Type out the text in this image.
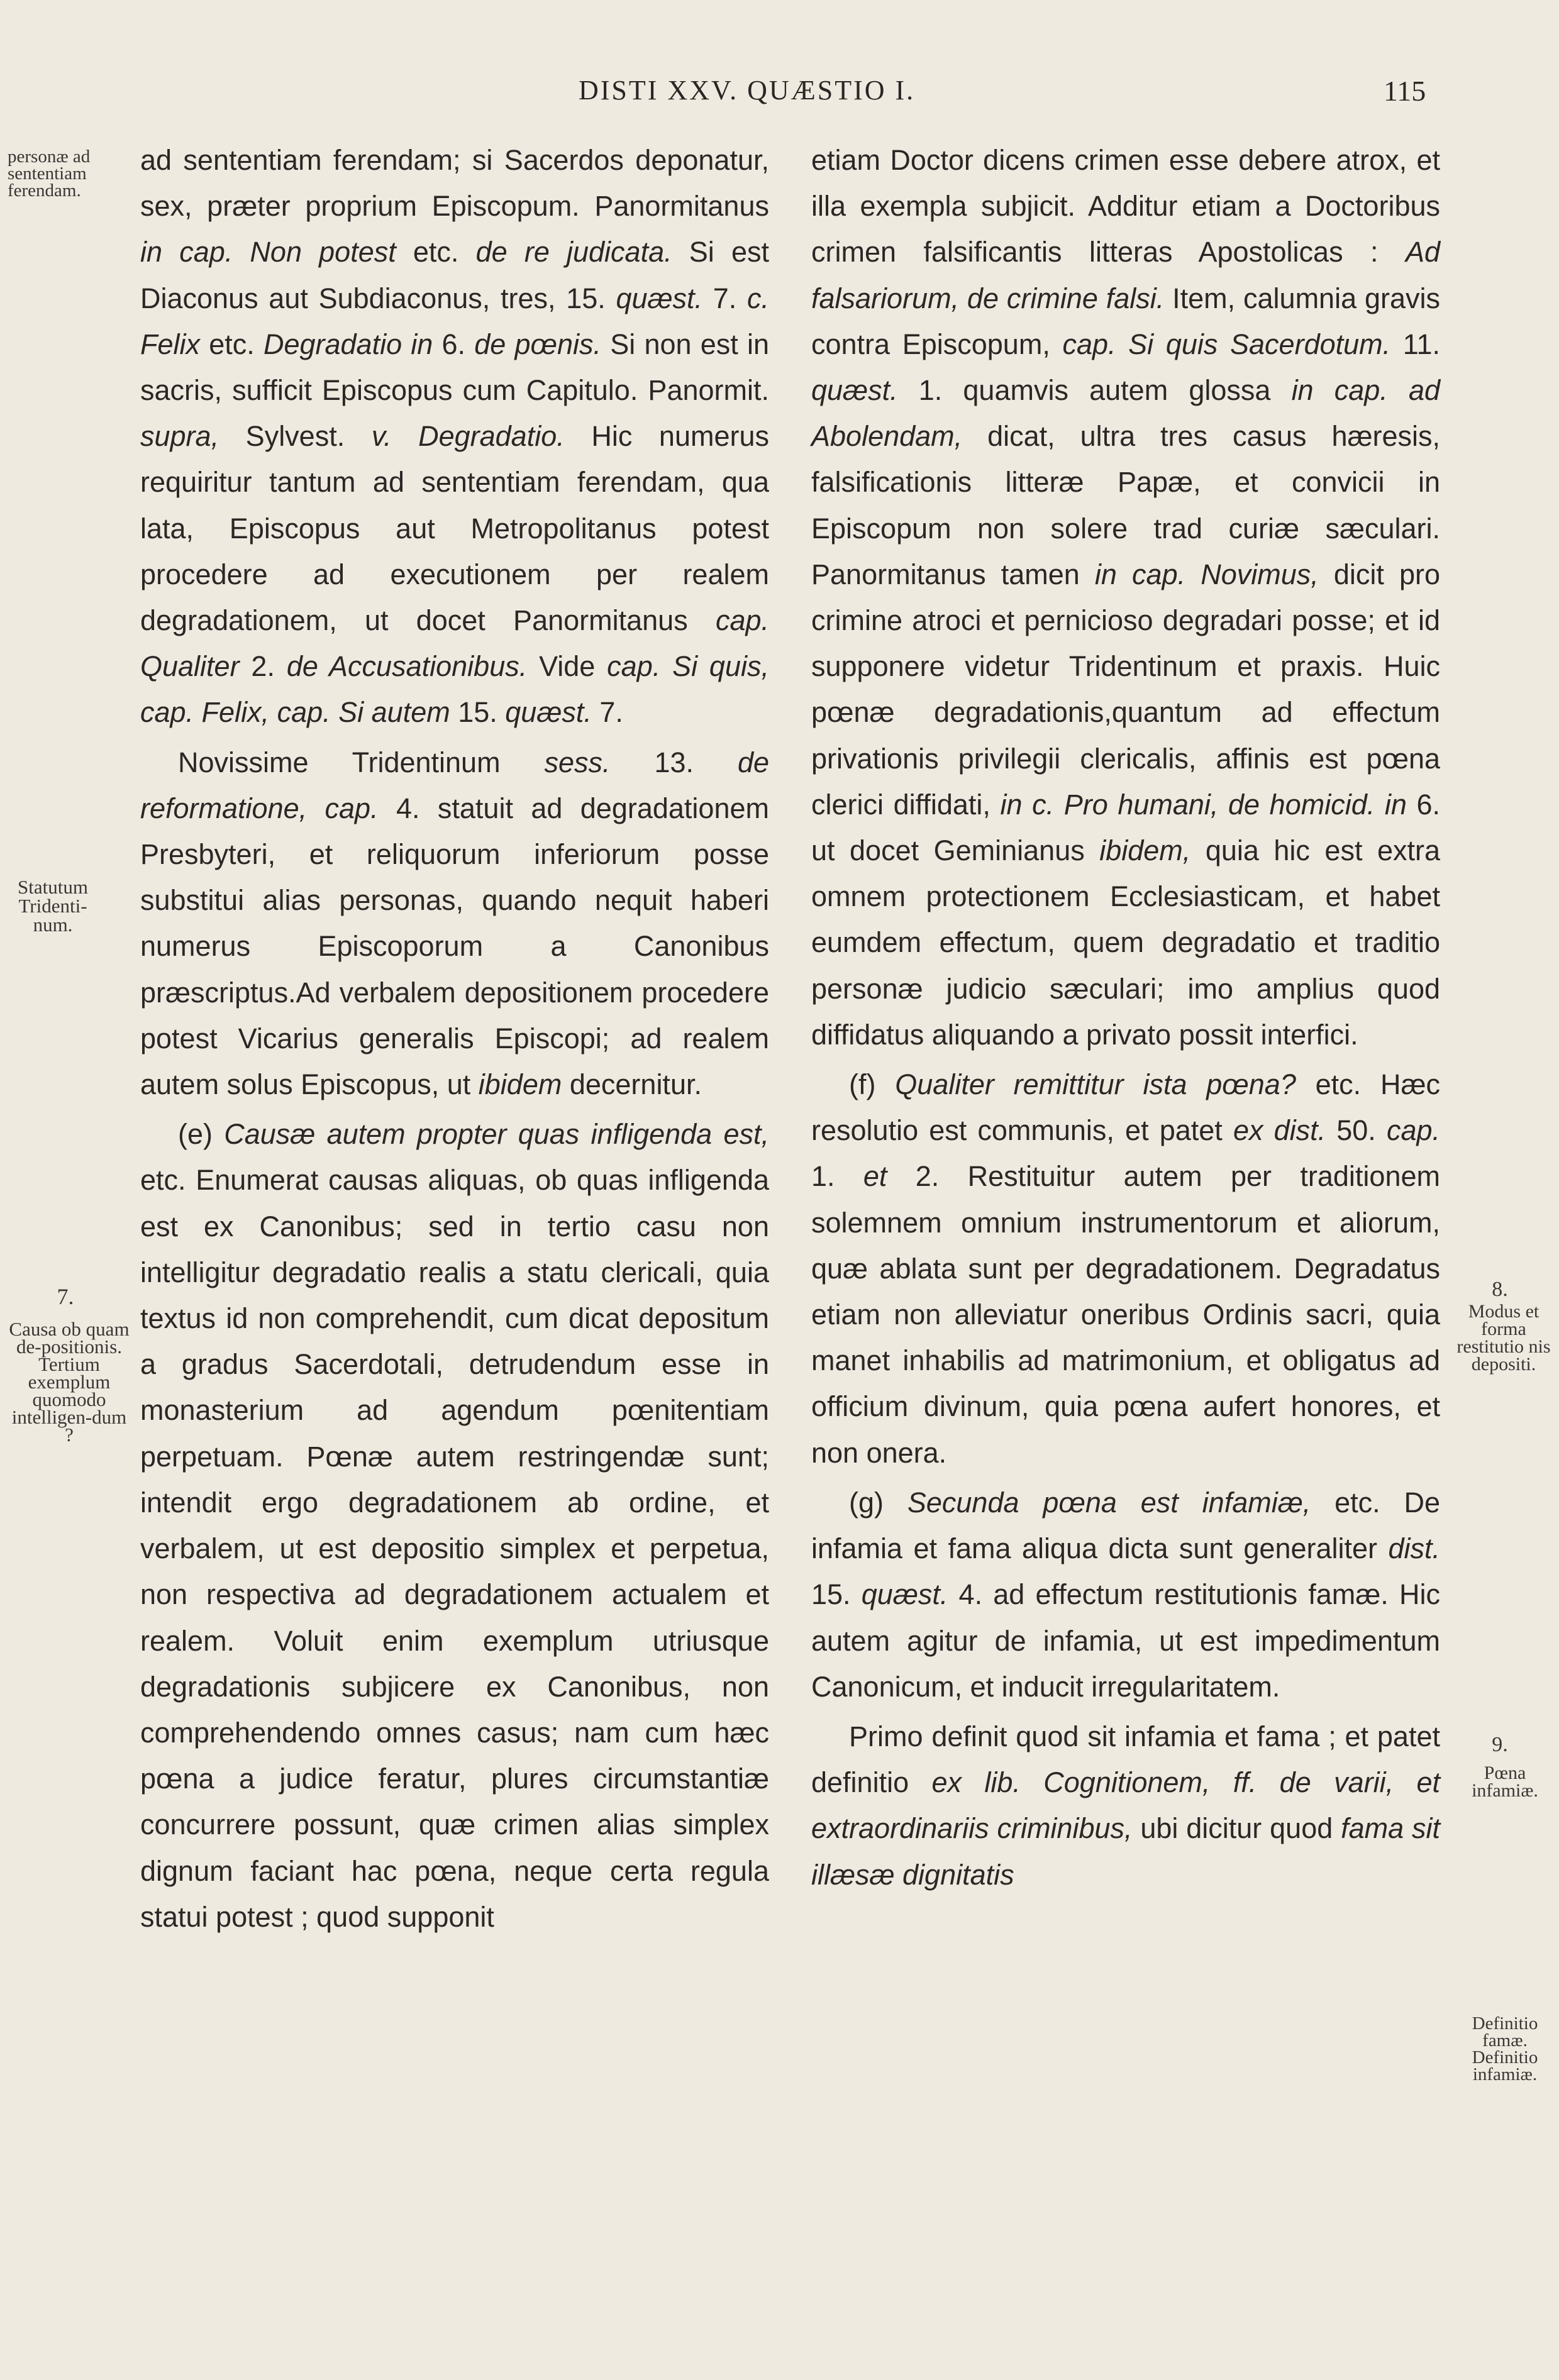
DISTI XXV. QUÆSTIO I.	115
personæ ad sententiam ferendam.
Statutum Tridenti-num.
7.
Causa ob quam de-positionis. Tertium exemplum quomodo intelligen-dum ?
8.
Modus et forma restitutio nis depositi.
9.
Pœna infamiæ.
Definitio famæ. Definitio infamiæ.

ad sententiam ferendam; si Sacerdos deponatur, sex, præter proprium Episcopum. Panormitanus in cap. Non potest etc. de re judicata. Si est Diaconus aut Subdiaconus, tres, 15. quæst. 7. c. Felix etc. Degradatio in 6. de pœnis. Si non est in sacris, sufficit Episcopus cum Capitulo. Panormit. supra, Sylvest. v. Degradatio. Hic numerus requiritur tantum ad sententiam ferendam, qua lata, Episcopus aut Metropolitanus potest procedere ad executionem per realem degradationem, ut docet Panormitanus cap. Qualiter 2. de Accusationibus. Vide cap. Si quis, cap. Felix, cap. Si autem 15. quæst. 7.

Novissime Tridentinum sess. 13. de reformatione, cap. 4. statuit ad degradationem Presbyteri, et reliquorum inferiorum posse substitui alias personas, quando nequit haberi numerus Episcoporum a Canonibus præscriptus.Ad verbalem depositionem procedere potest Vicarius generalis Episcopi; ad realem autem solus Episcopus, ut ibidem decernitur.

(e) Causæ autem propter quas infligenda est, etc. Enumerat causas aliquas, ob quas infligenda est ex Canonibus; sed in tertio casu non intelligitur degradatio realis a statu clericali, quia textus id non comprehendit, cum dicat depositum a gradus Sacerdotali, detrudendum esse in monasterium ad agendum pœnitentiam perpetuam. Pœnæ autem restringendæ sunt; intendit ergo degradationem ab ordine, et verbalem, ut est depositio simplex et perpetua, non respectiva ad degradationem actualem et realem. Voluit enim exemplum utriusque degradationis subjicere ex Canonibus, non comprehendendo omnes casus; nam cum hæc pœna a judice feratur, plures circumstantiæ concurrere possunt, quæ crimen alias simplex dignum faciant hac pœna, neque certa regula statui potest ; quod supponit

etiam Doctor dicens crimen esse debere atrox, et illa exempla subjicit. Additur etiam a Doctoribus crimen falsificantis litteras Apostolicas : Ad falsariorum, de crimine falsi. Item, calumnia gravis contra Episcopum, cap. Si quis Sacerdotum. 11. quæst. 1. quamvis autem glossa in cap. ad Abolendam, dicat, ultra tres casus hæresis, falsificationis litteræ Papæ, et convicii in Episcopum non solere trad curiæ sæculari. Panormitanus tamen in cap. Novimus, dicit pro crimine atroci et pernicioso degradari posse; et id supponere videtur Tridentinum et praxis. Huic pœnæ degradationis,quantum ad effectum privationis privilegii clericalis, affinis est pœna clerici diffidati, in c. Pro humani, de homicid. in 6. ut docet Geminianus ibidem, quia hic est extra omnem protectionem Ecclesiasticam, et habet eumdem effectum, quem degradatio et traditio personæ judicio sæculari; imo amplius quod diffidatus aliquando a privato possit interfici.

(f) Qualiter remittitur ista pœna? etc. Hæc resolutio est communis, et patet ex dist. 50. cap. 1. et 2. Restituitur autem per traditionem solemnem omnium instrumentorum et aliorum, quæ ablata sunt per degradationem. Degradatus etiam non alleviatur oneribus Ordinis sacri, quia manet inhabilis ad matrimonium, et obligatus ad officium divinum, quia pœna aufert honores, et non onera.

(g) Secunda pœna est infamiæ, etc. De infamia et fama aliqua dicta sunt generaliter dist. 15. quæst. 4. ad effectum restitutionis famæ. Hic autem agitur de infamia, ut est impedimentum Canonicum, et inducit irregularitatem.

Primo definit quod sit infamia et fama ; et patet definitio ex lib. Cognitionem, ff. de varii, et extraordinariis criminibus, ubi dicitur quod fama sit illæsæ dignitatis
